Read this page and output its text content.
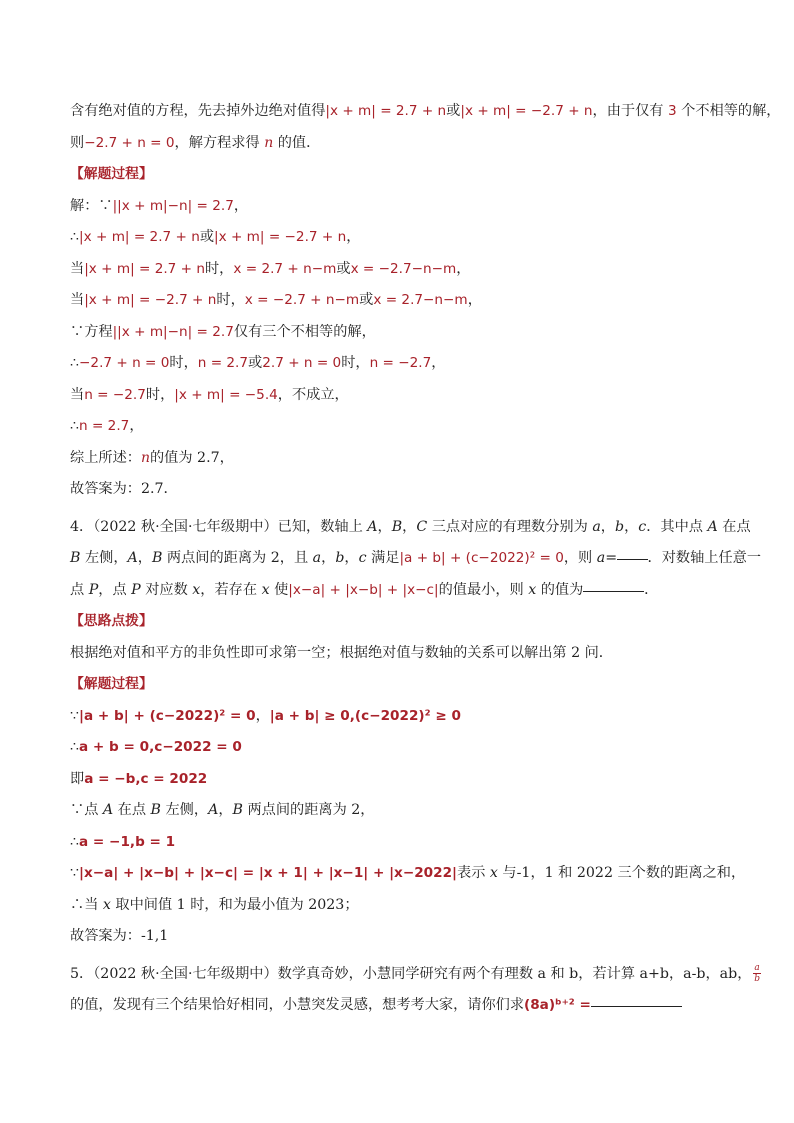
含有绝对值的方程，先去掉外边绝对值得|x + m| = 2.7 + n或|x + m| = −2.7 + n，由于仅有 3 个不相等的解，
则−2.7 + n = 0，解方程求得 n 的值．
【解题过程】
解：∵||x + m|−n| = 2.7，
∴|x + m| = 2.7 + n或|x + m| = −2.7 + n，
当|x + m| = 2.7 + n时，x = 2.7 + n−m或x = −2.7−n−m，
当|x + m| = −2.7 + n时，x = −2.7 + n−m或x = 2.7−n−m，
∵方程||x + m|−n| = 2.7仅有三个不相等的解，
∴−2.7 + n = 0时，n = 2.7或2.7 + n = 0时，n = −2.7，
当n = −2.7时，|x + m| = −5.4，不成立，
∴n = 2.7，
综上所述：n的值为 2.7，
故答案为：2.7．
4．（2022 秋·全国·七年级期中）已知，数轴上 A，B，C 三点对应的有理数分别为 a，b，c．其中点 A 在点
B 左侧，A，B 两点间的距离为 2，且 a，b，c 满足|a + b| + (c−2022)² = 0，则 a= ．对数轴上任意一
点 P，点 P 对应数 x，若存在 x 使|x−a| + |x−b| + |x−c|的值最小，则 x 的值为	．
【思路点拨】
根据绝对值和平方的非负性即可求第一空；根据绝对值与数轴的关系可以解出第 2 问．
【解题过程】
∵|a + b| + (c−2022)² = 0，|a + b| ≥ 0,(c−2022)² ≥ 0
∴a + b = 0,c−2022 = 0
即a = −b,c = 2022
∵点 A 在点 B 左侧，A，B 两点间的距离为 2，
∴a = −1,b = 1
∵|x−a| + |x−b| + |x−c| = |x + 1| + |x−1| + |x−2022|表示 x 与-1，1 和 2022 三个数的距离之和，
∴当 x 取中间值 1 时，和为最小值为 2023；
故答案为：-1,1
5．（2022 秋·全国·七年级期中）数学真奇妙，小慧同学研究有两个有理数 a 和 b，若计算 a+b，a-b，ab， $\frac{a}{b}$
的值，发现有三个结果恰好相同，小慧突发灵感，想考考大家，请你们求(8a)ᵇ⁺² =
